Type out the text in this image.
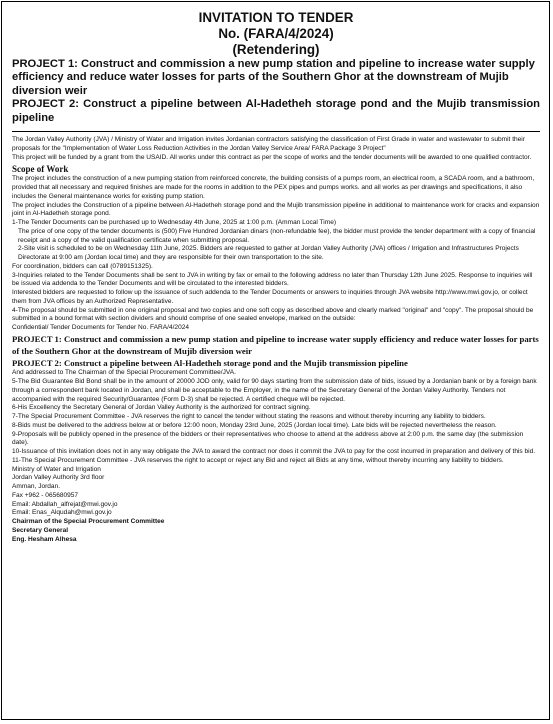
INVITATION TO TENDER
No. (FARA/4/2024)
(Retendering)
PROJECT 1: Construct and commission a new pump station and pipeline to increase water supply efficiency and reduce water losses for parts of the Southern Ghor at the downstream of Mujib diversion weir
PROJECT 2: Construct a pipeline between Al-Hadetheh storage pond and the Mujib transmission pipeline

The Jordan Valley Authority (JVA) / Ministry of Water and Irrigation invites Jordanian contractors satisfying the classification of First Grade in water and wastewater to submit their proposals for the "Implementation of Water Loss Reduction Activities in the Jordan Valley Service Area/ FARA Package 3 Project"

This project will be funded by a grant from the USAID. All works under this contract as per the scope of works and the tender documents will be awarded to one qualified contractor.

Scope of Work

The project includes the construction of a new pumping station from reinforced concrete, the building consists of a pumps room, an electrical room, a SCADA room, and a bathroom, provided that all necessary and required finishes are made for the rooms in addition to the PEX pipes and pumps works. and all works as per drawings and specifications, it also includes the General maintenance works for existing pump station.

The project includes the Construction of a pipeline between Al-Hadetheh storage pond and the Mujib transmission pipeline in additional to maintenance work for cracks and expansion joint in Al-Hadetheh storage pond.

1-The Tender Documents can be purchased up to Wednesday 4th June, 2025 at 1:00 p.m. (Amman Local Time)

The price of one copy of the tender documents is (500) Five Hundred Jordanian dinars (non-refundable fee), the bidder must provide the tender department with a copy of financial receipt and a copy of the valid qualification certificate when submitting proposal.

2-Site visit is scheduled to be on Wednesday 11th June, 2025. Bidders are requested to gather at Jordan Valley Authority (JVA) offices / Irrigation and Infrastructures Projects Directorate at 9:00 am (Jordan local time) and they are responsible for their own transportation to the site.

For coordination, bidders can call (0789151325).

3-Inquiries related to the Tender Documents shall be sent to JVA in writing by fax or email to the following address no later than Thursday 12th June 2025. Response to inquiries will be issued via addenda to the Tender Documents and will be circulated to the interested bidders.

Interested bidders are requested to follow up the issuance of such addenda to the Tender Documents or answers to inquiries through JVA website http://www.mwi.gov.jo, or collect them from JVA offices by an Authorized Representative.

4-The proposal should be submitted in one original proposal and two copies and one soft copy as described above and clearly marked "original" and "copy". The proposal should be submitted in a bound format with section dividers and should comprise of one sealed envelope, marked on the outside:

Confidential/ Tender Documents for Tender No. FARA/4/2024

PROJECT 1: Construct and commission a new pump station and pipeline to increase water supply efficiency and reduce water losses for parts of the Southern Ghor at the downstream of Mujib diversion weir
PROJECT 2: Construct a pipeline between Al-Hadetheh storage pond and the Mujib transmission pipeline

And addressed to The Chairman of the Special Procurement Committee/JVA.

5-The Bid Guarantee Bid Bond shall be in the amount of 20000 JOD only, valid for 90 days starting from the submission date of bids, issued by a Jordanian bank or by a foreign bank through a correspondent bank located in Jordan, and shall be acceptable to the Employer, in the name of the Secretary General of the Jordan Valley Authority. Tenders not accompanied with the required Security/Guarantee (Form D-3) shall be rejected. A certified cheque will be rejected.

6-His Excellency the Secretary General of Jordan Valley Authority is the authorized for contract signing.

7-The Special Procurement Committee - JVA reserves the right to cancel the tender without stating the reasons and without thereby incurring any liability to bidders.

8-Bids must be delivered to the address below at or before 12:00 noon, Monday 23rd June, 2025 (Jordan local time). Late bids will be rejected nevertheless the reason.

9-Proposals will be publicly opened in the presence of the bidders or their representatives who choose to attend at the address above at 2:00 p.m. the same day (the submission date).

10-Issuance of this invitation does not in any way obligate the JVA to award the contract nor does it commit the JVA to pay for the cost incurred in preparation and delivery of this bid.

11-The Special Procurement Committee - JVA reserves the right to accept or reject any Bid and reject all Bids at any time, without thereby incurring any liability to bidders.

Ministry of Water and Irrigation

Jordan Valley Authority 3rd floor

Amman, Jordan.

Fax +962 - 065680957

Email: Abdallah_alfrejat@mwi.gov.jo

Email: Enas_Alqudah@mwi.gov.jo

Chairman of the Special Procurement Committee

Secretary General

Eng. Hesham Alhesa
